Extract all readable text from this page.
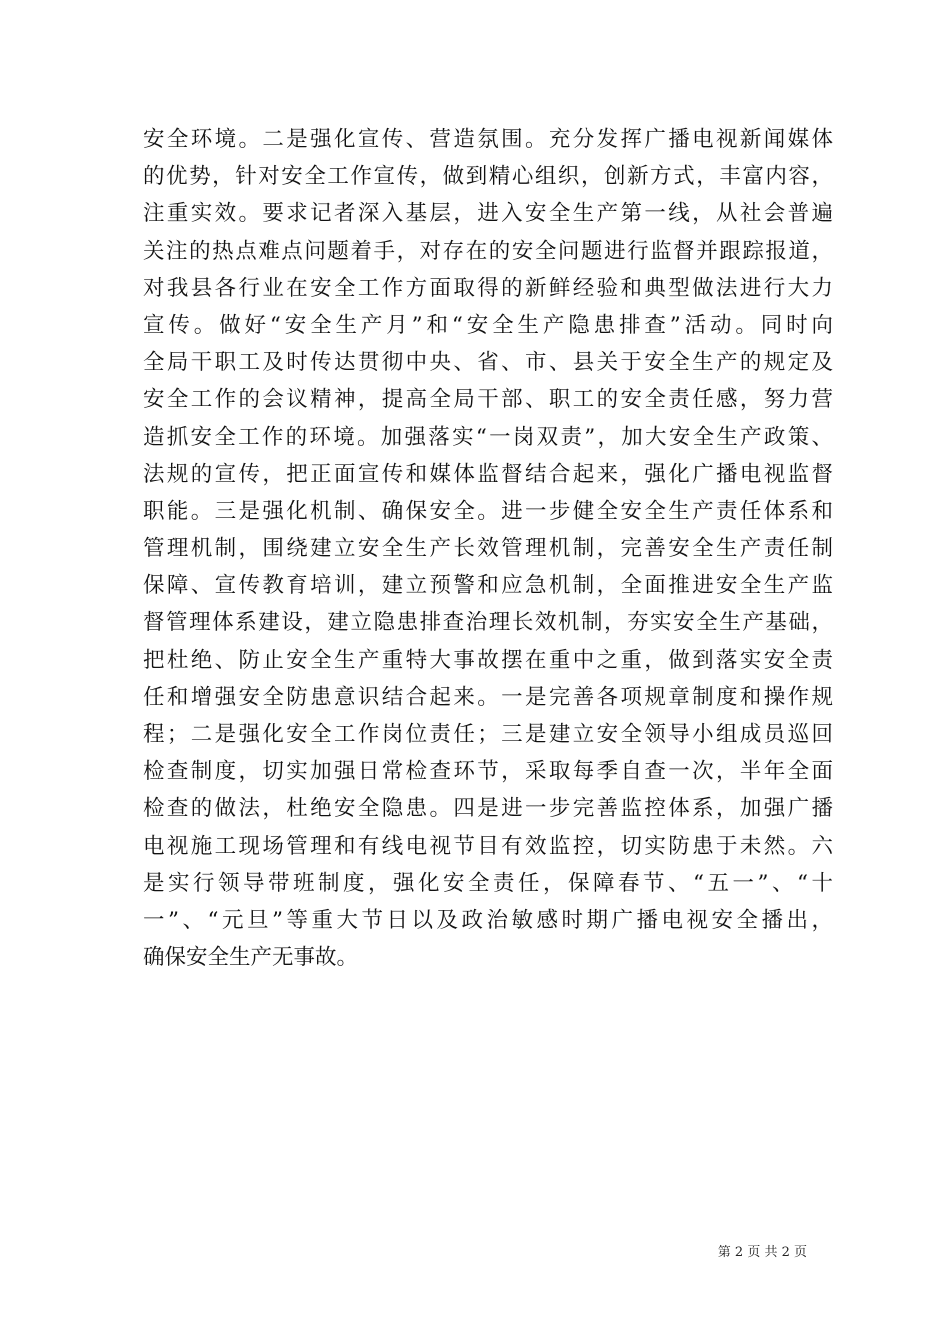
安全环境。二是强化宣传、营造氛围。充分发挥广播电视新闻媒体
的优势，针对安全工作宣传，做到精心组织，创新方式，丰富内容，
注重实效。要求记者深入基层，进入安全生产第一线，从社会普遍
关注的热点难点问题着手，对存在的安全问题进行监督并跟踪报道，
对我县各行业在安全工作方面取得的新鲜经验和典型做法进行大力
宣传。做好“安全生产月”和“安全生产隐患排查”活动。同时向
全局干职工及时传达贯彻中央、省、市、县关于安全生产的规定及
安全工作的会议精神，提高全局干部、职工的安全责任感，努力营
造抓安全工作的环境。加强落实“一岗双责”，加大安全生产政策、
法规的宣传，把正面宣传和媒体监督结合起来，强化广播电视监督
职能。三是强化机制、确保安全。进一步健全安全生产责任体系和
管理机制，围绕建立安全生产长效管理机制，完善安全生产责任制
保障、宣传教育培训，建立预警和应急机制，全面推进安全生产监
督管理体系建设，建立隐患排查治理长效机制，夯实安全生产基础，
把杜绝、防止安全生产重特大事故摆在重中之重，做到落实安全责
任和增强安全防患意识结合起来。一是完善各项规章制度和操作规
程；二是强化安全工作岗位责任；三是建立安全领导小组成员巡回
检查制度，切实加强日常检查环节，采取每季自查一次，半年全面
检查的做法，杜绝安全隐患。四是进一步完善监控体系，加强广播
电视施工现场管理和有线电视节目有效监控，切实防患于未然。六
是实行领导带班制度，强化安全责任，保障春节、“五一”、“十
一”、“元旦”等重大节日以及政治敏感时期广播电视安全播出，
确保安全生产无事故。
第 2 页 共 2 页
